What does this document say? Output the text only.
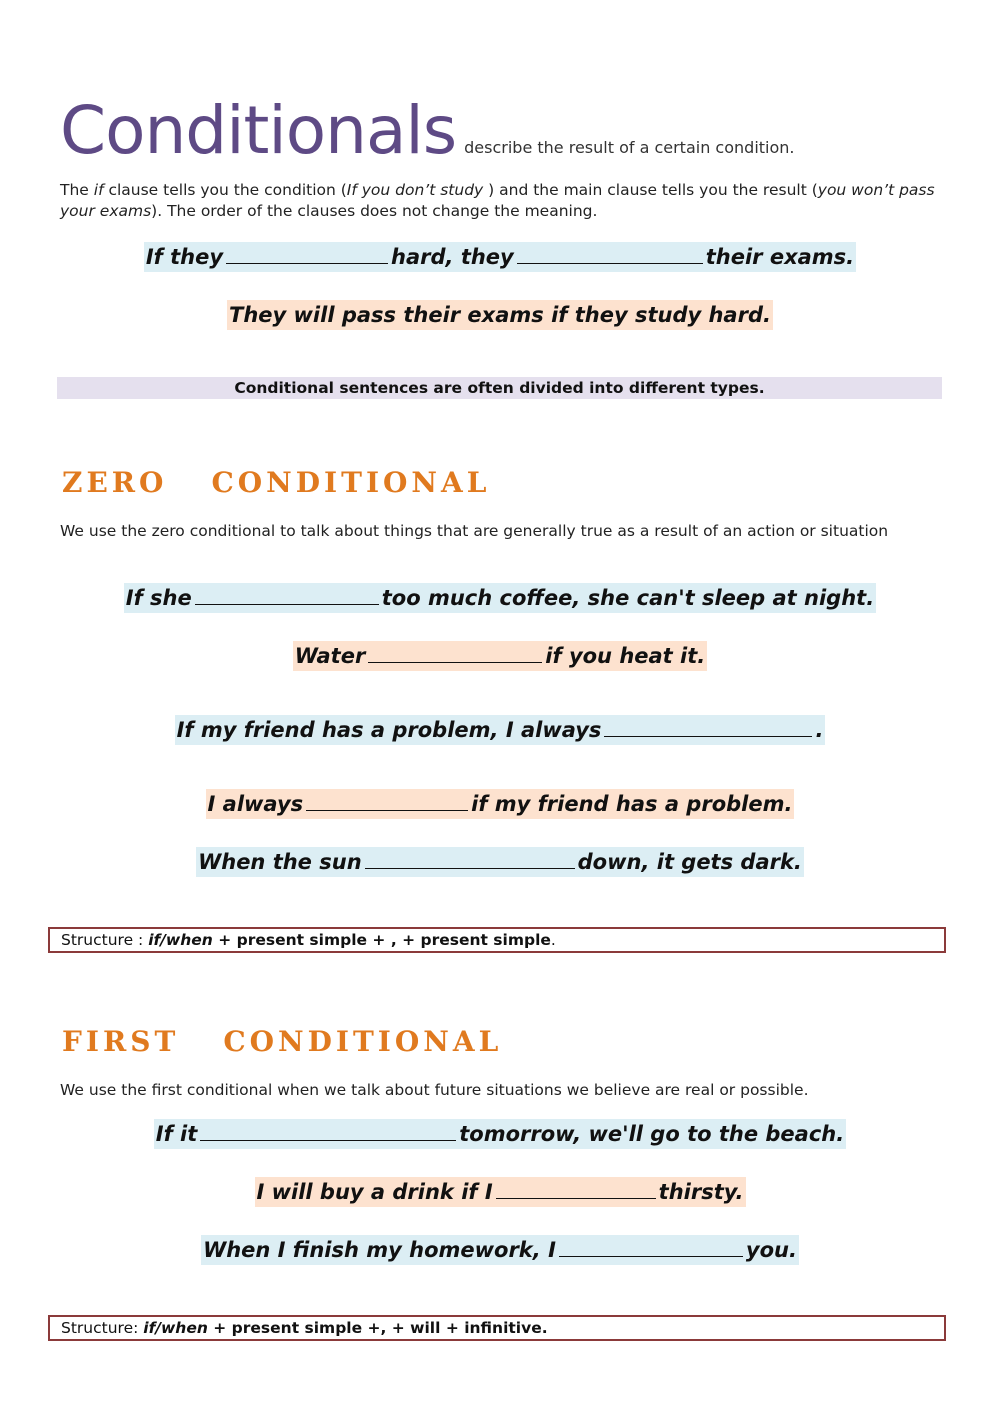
Conditionals describe the result of a certain condition.
The if clause tells you the condition (If you don’t study ) and the main clause tells you the result (you won’t pass your exams). The order of the clauses does not change the meaning.
If they	hard, they	their exams.
They will pass their exams if they study hard.
Conditional sentences are often divided into different types.
ZERO CONDITIONAL
We use the zero conditional to talk about things that are generally true as a result of an action or situation
If she	too much coffee, she can't sleep at night.
Water	if you heat it.
If my friend has a problem, I always	.
I always	if my friend has a problem.
When the sun	down, it gets dark.
Structure : if/when + present simple + , + present simple.
FIRST CONDITIONAL
We use the first conditional when we talk about future situations we believe are real or possible.
If it	tomorrow, we'll go to the beach.
I will buy a drink if I	thirsty.
When I finish my homework, I	you.
Structure: if/when + present simple +, + will + infinitive.
